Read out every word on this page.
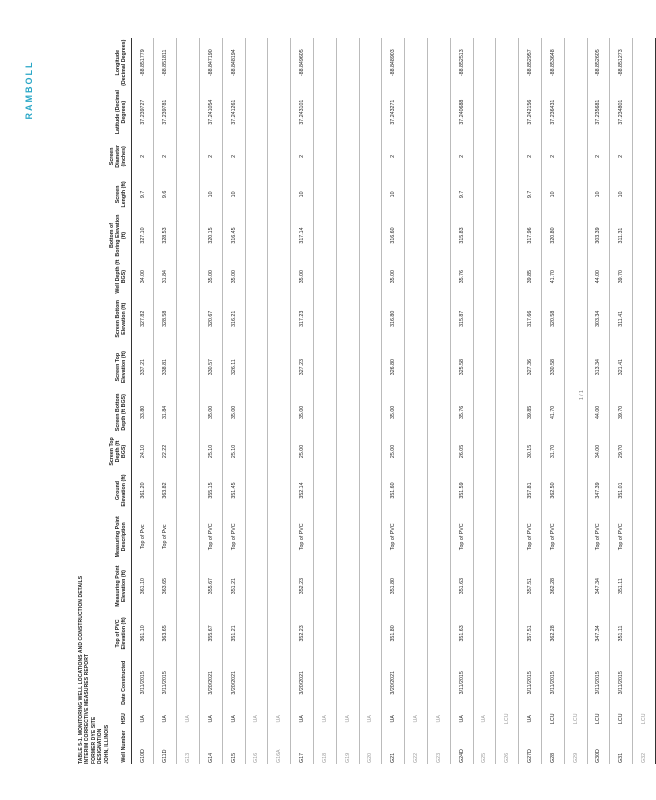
TABLE 5-1. MONITORING WELL LOCATIONS AND CONSTRUCTION DETAILS INTERIM CORRECTIVE MEASURES REPORT FORMER DYE SITE DESIGNATION JOHN, ILLINOIS
RAMBOLL
Well Number	HSU	Date Constructed	Top of PVC Elevation (ft)	Measuring Point Elevation (ft)	Measuring Point Description	Ground Elevation (ft)	Screen Top Depth (ft BGS)	Screen Bottom Depth (ft BGS)	Screen Top Elevation (ft)	Screen Bottom Elevation (ft)	Well Depth (ft BGS)	Bottom of Boring Elevation (ft)	Screen Length (ft)	Screen Diameter (inches)	Latitude (Decimal Degrees)	Longitude (Decimal Degrees)
G10D	UA	3/11/2015	361.10	361.10	Top of Pvc	361.20	24.10	33.80	337.21	327.82	34.00	327.10	9.7	2	37.239727	-88.851779
G11D	UA	3/11/2015	363.65	363.65	Top of Pvc	363.82	22.22	31.84	338.81	328.58	31.84	328.53	9.6	2	37.239781	-88.851811
G13	UA															
G14	UA	3/20/2021	355.67	355.67	Top of PVC	355.15	25.10	35.00	330.57	320.67	35.00	320.15	10	2	37.241054	-88.847190
G15	UA	3/20/2021	351.21	351.21	Top of PVC	351.45	25.10	35.00	326.11	316.21	35.00	316.45	10	2	37.241261	-88.848194
G16	UA															
G16A	UA															
G17	UA	3/20/2021	352.23	352.23	Top of PVC	352.14	25.00	35.00	327.23	317.23	35.00	317.14	10	2	37.243101	-88.849605
G18	UA															
G19	UA															
G20	UA															
G21	UA	3/20/2021	351.80	351.80	Top of PVC	351.60	25.00	35.00	326.80	316.80	35.00	316.60	10	2	37.243271	-88.848903
G22	UA															
G23	UA															
G24D	UA	3/11/2015	351.63	351.63	Top of PVC	351.59	26.05	35.76	325.58	315.87	35.76	315.83	9.7	2	37.240688	-88.852513
G25	UA															
G26	LCU															
G27D	UA	3/11/2015	357.51	357.51	Top of PVC	357.81	30.15	39.85	327.36	317.66	39.85	317.96	9.7	2	37.242156	-88.852957
G28	LCU	3/11/2015	362.28	362.28	Top of PVC	362.50	31.70	41.70	330.58	320.58	41.70	320.80	10	2	37.236431	-88.853648
G29	LCU															
G30D	LCU	3/11/2015	347.34	347.34	Top of PVC	347.39	34.00	44.00	313.34	303.34	44.00	303.39	10	2	37.235681	-88.852605
G31	LCU	3/11/2015	351.11	351.11	Top of PVC	351.01	29.70	39.70	321.41	311.41	39.70	311.31	10	2	37.234801	-88.851273
G32	LCU															
1 / 1
